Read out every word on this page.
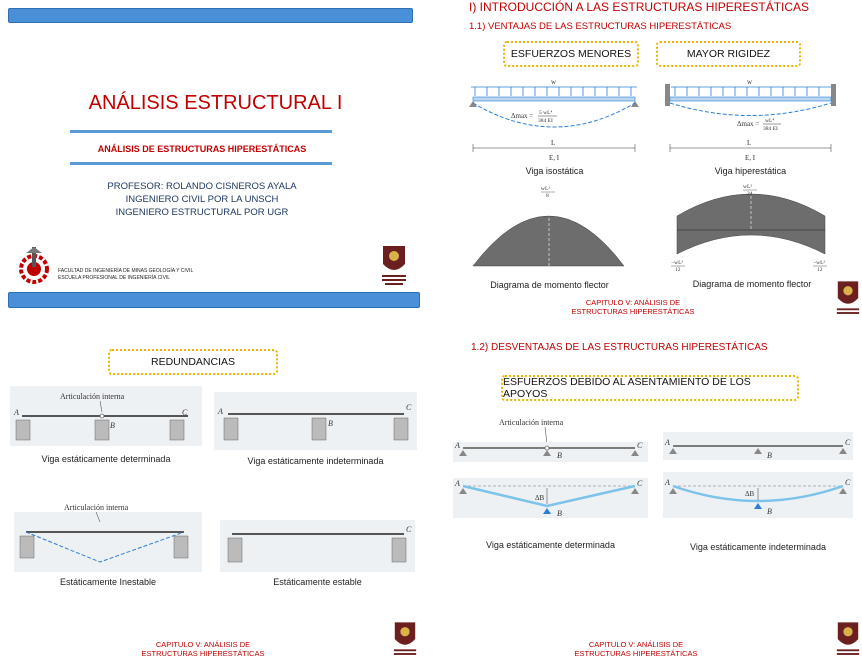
ANÁLISIS ESTRUCTURAL I
ANÁLISIS DE ESTRUCTURAS HIPERESTÁTICAS
PROFESOR: ROLANDO CISNEROS AYALA
INGENIERO CIVIL POR LA UNSCH
INGENIERO ESTRUCTURAL POR UGR
FACULTAD DE INGENIERÍA DE MINAS GEOLOGÍA Y CIVIL
ESCUELA PROFESIONAL DE INGENIERÍA CIVIL
I) INTRODUCCIÓN A LAS ESTRUCTURAS HIPERESTÁTICAS
1.1) VENTAJAS DE LAS ESTRUCTURAS HIPERESTÁTICAS
ESFUERZOS MENORES	MAYOR RIGIDEZ
w
Δmax = 5 wL⁴
384 EI
L
E, I
Viga isostática
w
Δmax = wL⁴
384 EI
L
E, I
Viga hiperestática
wL²
8
wL²
24
−wL²
12
−wL²
12
Diagrama de momento flector	Diagrama de momento flector
CAPITULO V: ANÁLISIS DE ESTRUCTURAS HIPERESTÁTICAS
REDUNDANCIAS
Articulación interna
A
B
C
Viga estáticamente determinada
A
B
C
Viga estáticamente indeterminada
Articulación interna
Estáticamente Inestable
C
Estáticamente estable
CAPITULO V: ANÁLISIS DE ESTRUCTURAS HIPERESTÁTICAS
1.2) DESVENTAJAS DE LAS ESTRUCTURAS HIPERESTÁTICAS
ESFUERZOS DEBIDO AL ASENTAMIENTO DE LOS APOYOS
Articulación interna
A
B
C
ΔB
A
B
C
Viga estáticamente determinada
A
B
C
ΔB
A
B
C
Viga estáticamente indeterminada
CAPITULO V: ANÁLISIS DE ESTRUCTURAS HIPERESTÁTICAS
